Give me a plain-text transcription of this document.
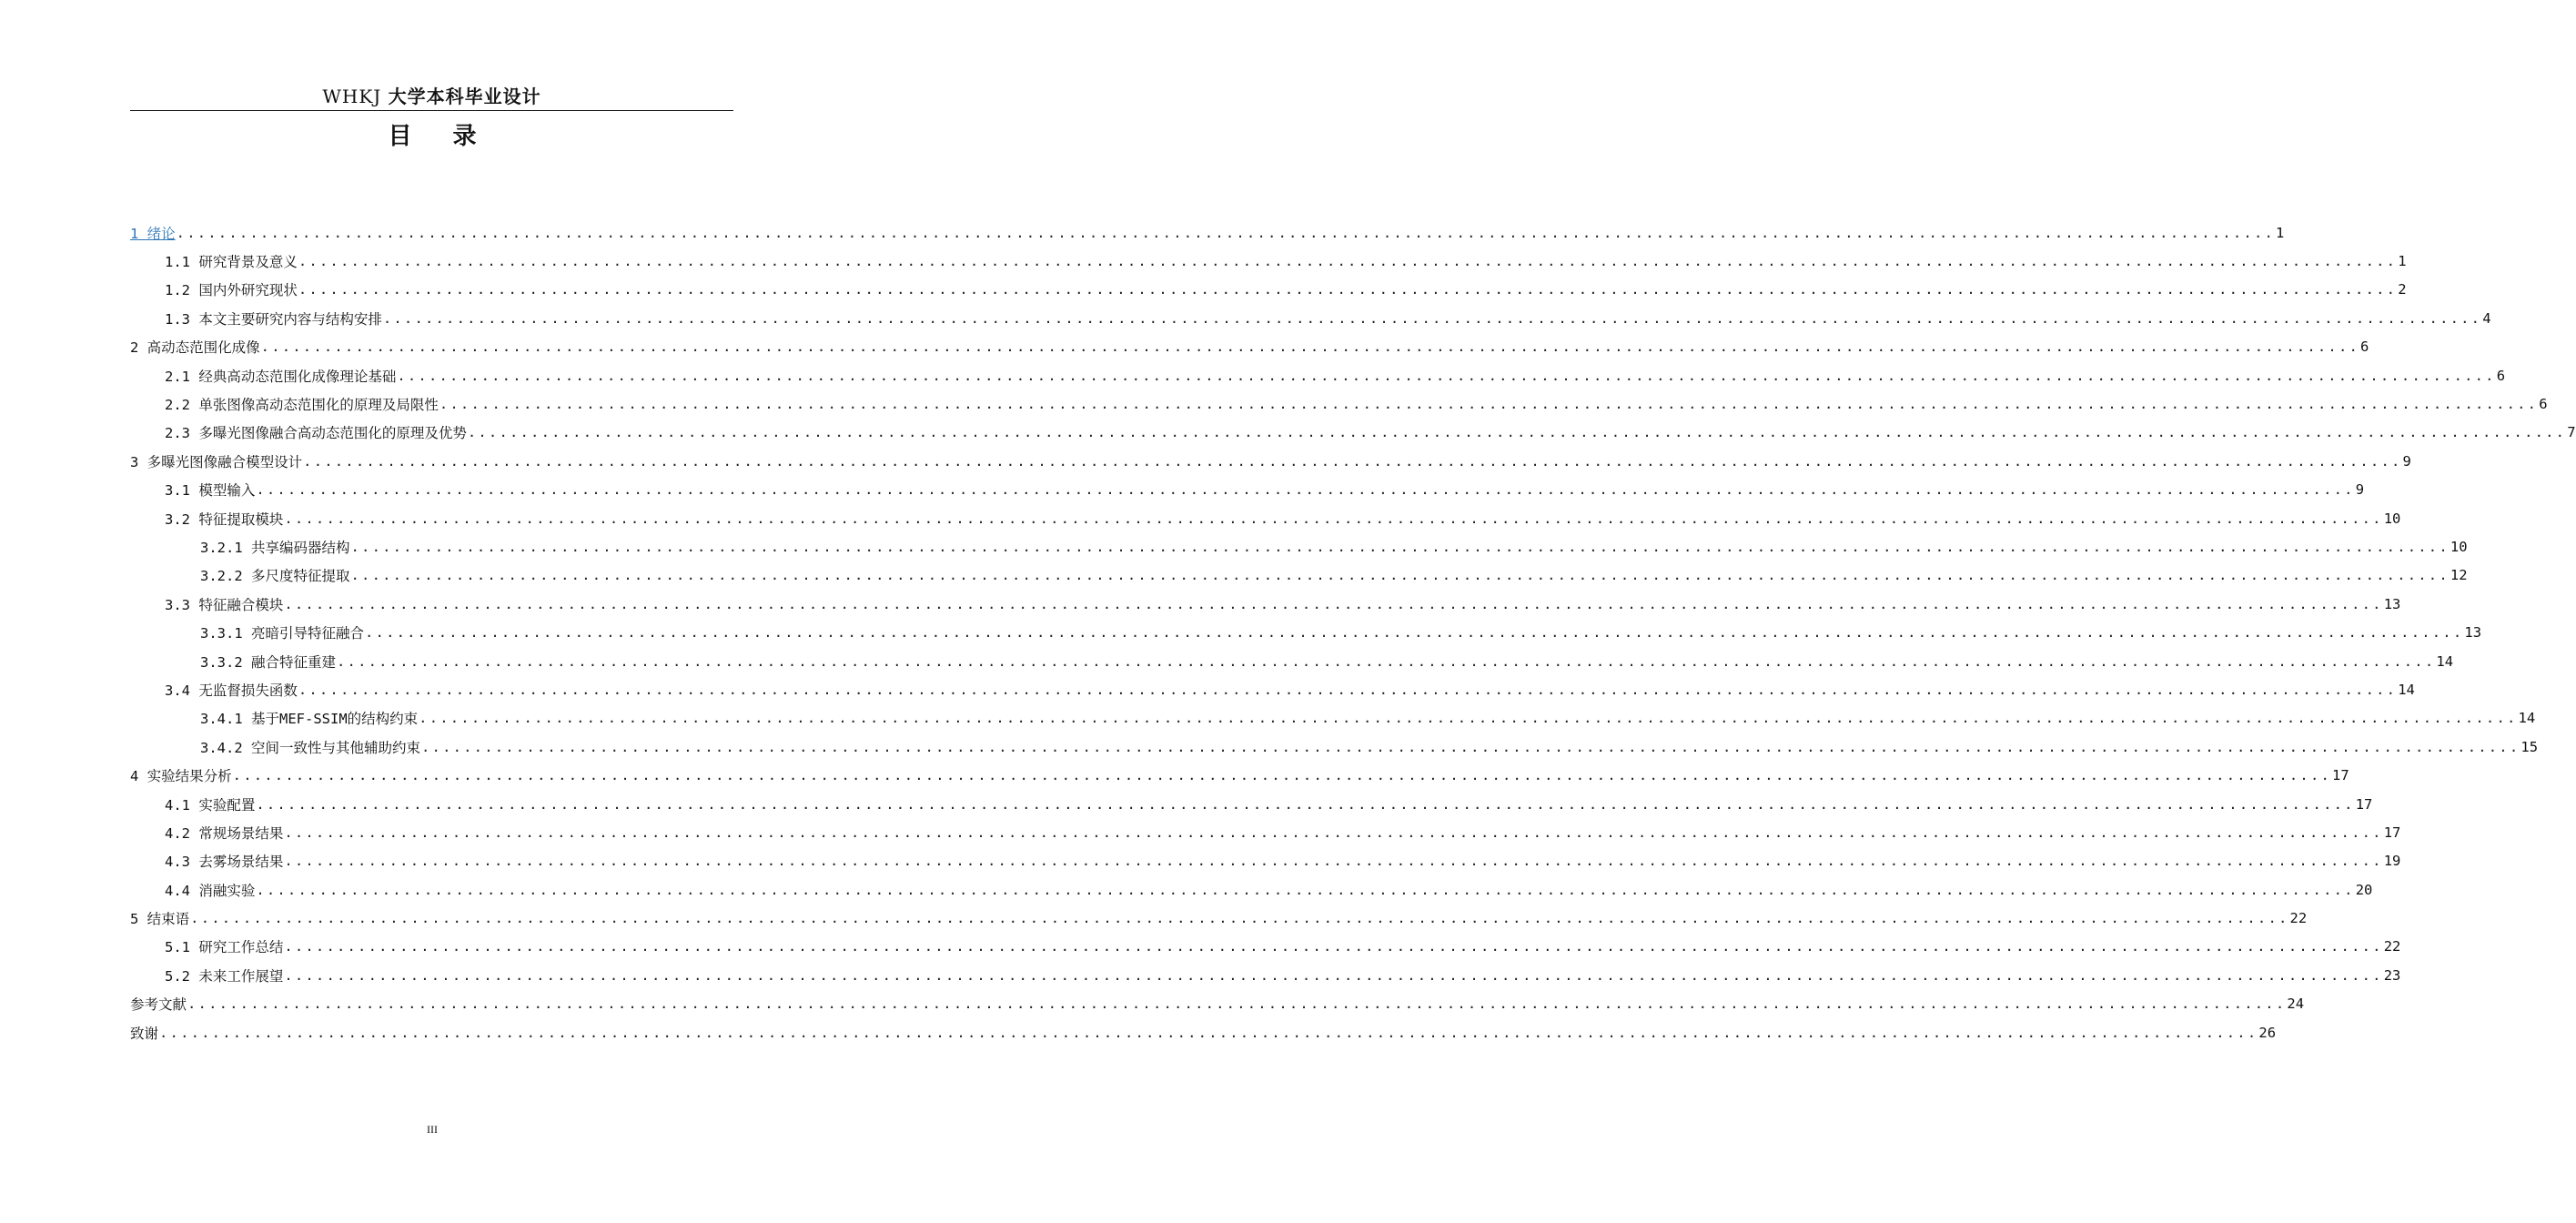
WHKJ 大学本科毕业设计
目 录
1 绪论 ........................................................................................................................................................................................................ 1
1.1 研究背景及意义 ........................................................................................................................................................................................................ 1
1.2 国内外研究现状 ........................................................................................................................................................................................................ 2
1.3 本文主要研究内容与结构安排 ........................................................................................................................................................................................................ 4
2 高动态范围化成像 ........................................................................................................................................................................................................ 6
2.1 经典高动态范围化成像理论基础 ........................................................................................................................................................................................................ 6
2.2 单张图像高动态范围化的原理及局限性 ........................................................................................................................................................................................................ 6
2.3 多曝光图像融合高动态范围化的原理及优势 ........................................................................................................................................................................................................ 7
3 多曝光图像融合模型设计 ........................................................................................................................................................................................................ 9
3.1 模型输入 ........................................................................................................................................................................................................ 9
3.2 特征提取模块 ........................................................................................................................................................................................................ 10
3.2.1 共享编码器结构 ........................................................................................................................................................................................................ 10
3.2.2 多尺度特征提取 ........................................................................................................................................................................................................ 12
3.3 特征融合模块 ........................................................................................................................................................................................................ 13
3.3.1 亮暗引导特征融合 ........................................................................................................................................................................................................ 13
3.3.2 融合特征重建 ........................................................................................................................................................................................................ 14
3.4 无监督损失函数 ........................................................................................................................................................................................................ 14
3.4.1 基于MEF-SSIM的结构约束 ........................................................................................................................................................................................................ 14
3.4.2 空间一致性与其他辅助约束 ........................................................................................................................................................................................................ 15
4 实验结果分析 ........................................................................................................................................................................................................ 17
4.1 实验配置 ........................................................................................................................................................................................................ 17
4.2 常规场景结果 ........................................................................................................................................................................................................ 17
4.3 去雾场景结果 ........................................................................................................................................................................................................ 19
4.4 消融实验 ........................................................................................................................................................................................................ 20
5 结束语 ........................................................................................................................................................................................................ 22
5.1 研究工作总结 ........................................................................................................................................................................................................ 22
5.2 未来工作展望 ........................................................................................................................................................................................................ 23
参考文献 ........................................................................................................................................................................................................ 24
致谢 ........................................................................................................................................................................................................ 26
III
